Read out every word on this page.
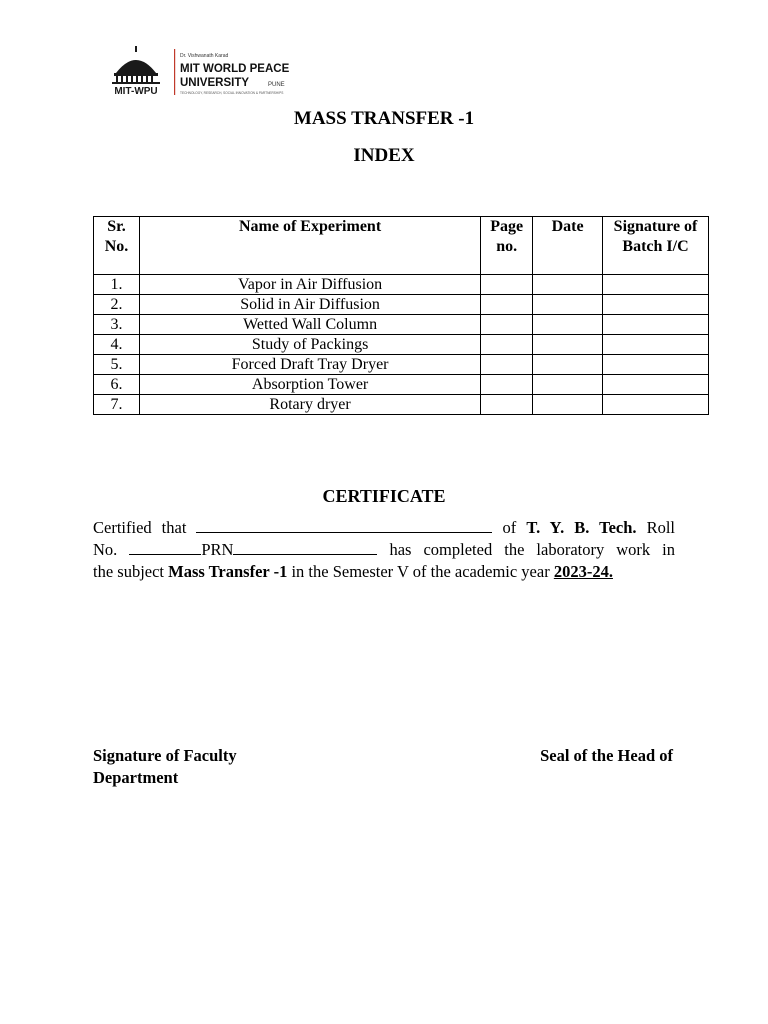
MIT-WPU
Dr. Vishwanath Karad
MIT WORLD PEACE
UNIVERSITY	PUNE
TECHNOLOGY, RESEARCH, SOCIAL INNOVATION & PARTNERSHIPS
MASS TRANSFER -1
INDEX
Sr. No.	Name of Experiment	Page no.	Date	Signature of Batch I/C
1.	Vapor in Air Diffusion			
2.	Solid in Air Diffusion			
3.	Wetted Wall Column			
4.	Study of Packings			
5.	Forced Draft Tray Dryer			
6.	Absorption Tower			
7.	Rotary dryer			
CERTIFICATE
Certified that	of T. Y. B. Tech. Roll
No.	PRN	has completed the laboratory work in
the subject Mass Transfer -1 in the Semester V of the academic year 2023-24.
Signature of Faculty	Seal of the Head of
Department
